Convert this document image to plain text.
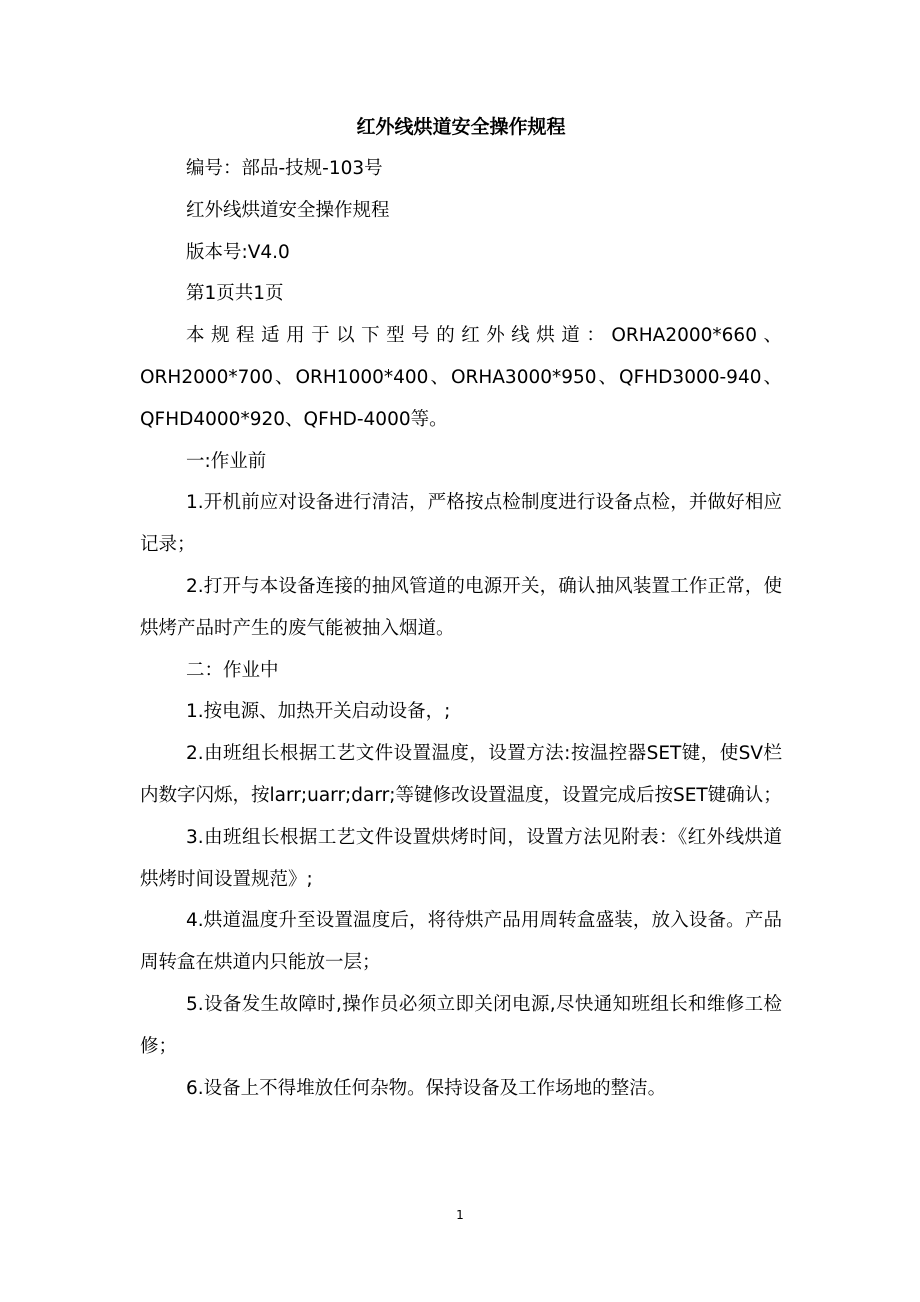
红外线烘道安全操作规程

编号：部品-技规-103号

红外线烘道安全操作规程

版本号:V4.0

第1页共1页

本规程适用于以下型号的红外线烘道：ORHA2000*660、ORH2000*700、ORH1000*400、ORHA3000*950、QFHD3000-940、QFHD4000*920、QFHD-4000等。

一:作业前

1.开机前应对设备进行清洁，严格按点检制度进行设备点检，并做好相应记录；

2.打开与本设备连接的抽风管道的电源开关，确认抽风装置工作正常，使烘烤产品时产生的废气能被抽入烟道。

二：作业中

1.按电源、加热开关启动设备，;

2.由班组长根据工艺文件设置温度，设置方法:按温控器SET键，使SV栏内数字闪烁，按larr;uarr;darr;等键修改设置温度，设置完成后按SET键确认；

3.由班组长根据工艺文件设置烘烤时间，设置方法见附表：《红外线烘道烘烤时间设置规范》;

4.烘道温度升至设置温度后，将待烘产品用周转盒盛装，放入设备。产品周转盒在烘道内只能放一层；

5.设备发生故障时,操作员必须立即关闭电源,尽快通知班组长和维修工检修；

6.设备上不得堆放任何杂物。保持设备及工作场地的整洁。

1
